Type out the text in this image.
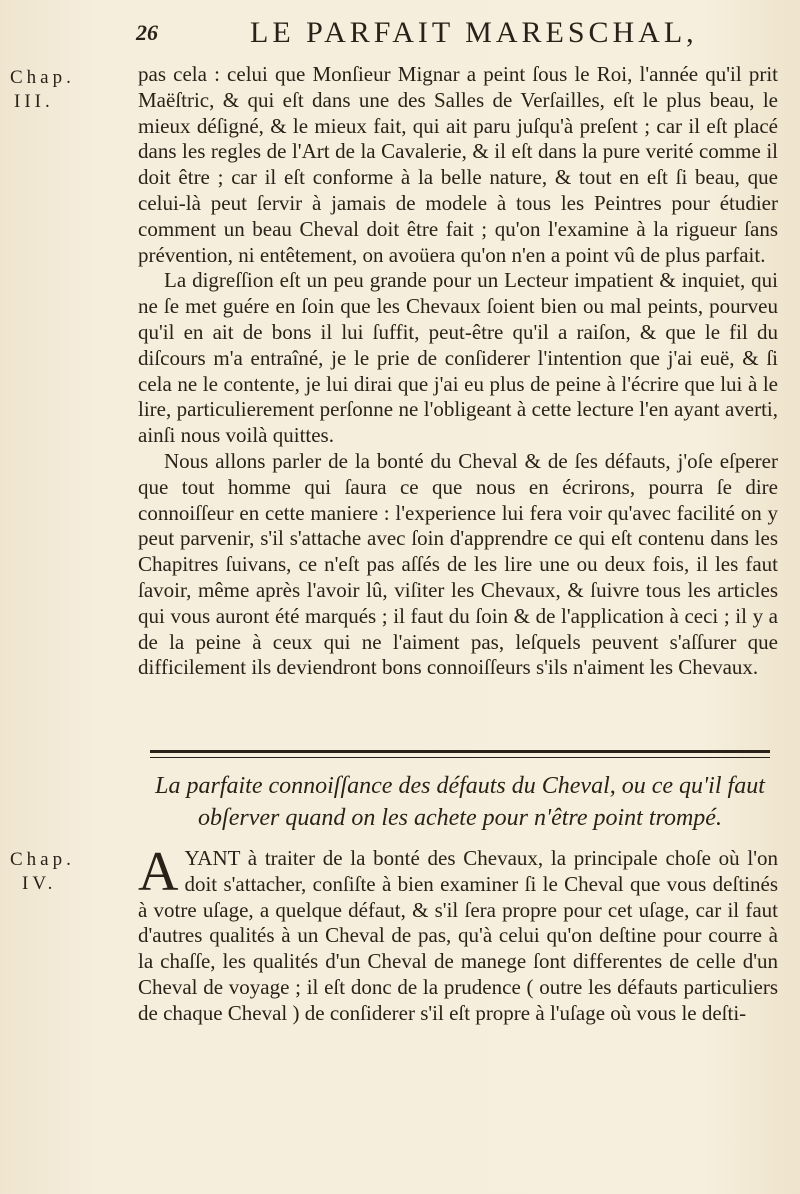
26	LE PARFAIT MARESCHAL,
Chap.
III.

pas cela : celui que Monſieur Mignar a peint ſous le Roi, l'année qu'il prit Maëſtric, & qui eſt dans une des Salles de Verſailles, eſt le plus beau, le mieux déſigné, & le mieux fait, qui ait paru juſqu'à preſent ; car il eſt placé dans les regles de l'Art de la Cavalerie, & il eſt dans la pure verité comme il doit être ; car il eſt conforme à la belle nature, & tout en eſt ſi beau, que celui-là peut ſervir à jamais de modele à tous les Peintres pour étudier comment un beau Cheval doit être fait ; qu'on l'examine à la rigueur ſans prévention, ni entêtement, on avoüera qu'on n'en a point vû de plus parfait.

La digreſſion eſt un peu grande pour un Lecteur impatient & inquiet, qui ne ſe met guére en ſoin que les Chevaux ſoient bien ou mal peints, pourveu qu'il en ait de bons il lui ſuffit, peut-être qu'il a raiſon, & que le fil du diſcours m'a entraîné, je le prie de conſiderer l'intention que j'ai euë, & ſi cela ne le contente, je lui dirai que j'ai eu plus de peine à l'écrire que lui à le lire, particulierement perſonne ne l'obligeant à cette lecture l'en ayant averti, ainſi nous voilà quittes.

Nous allons parler de la bonté du Cheval & de ſes défauts, j'oſe eſperer que tout homme qui ſaura ce que nous en écrirons, pourra ſe dire connoiſſeur en cette maniere : l'experience lui fera voir qu'avec facilité on y peut parvenir, s'il s'attache avec ſoin d'apprendre ce qui eſt contenu dans les Chapitres ſuivans, ce n'eſt pas aſſés de les lire une ou deux fois, il les faut ſavoir, même après l'avoir lû, viſiter les Chevaux, & ſuivre tous les articles qui vous auront été marqués ; il faut du ſoin & de l'application à ceci ; il y a de la peine à ceux qui ne l'aiment pas, leſquels peuvent s'aſſurer que difficilement ils deviendront bons connoiſſeurs s'ils n'aiment les Chevaux.

La parfaite connoiſſance des défauts du Cheval, ou ce qu'il faut obſerver quand on les achete pour n'être point trompé.
Chap.
IV.	AYANT à traiter de la bonté des Chevaux, la principale choſe où l'on doit s'attacher, conſiſte à bien examiner ſi le Cheval que vous deſtinés à votre uſage, a quelque défaut, & s'il ſera propre pour cet uſage, car il faut d'autres qualités à un Cheval de pas, qu'à celui qu'on deſtine pour courre à la chaſſe, les qualités d'un Cheval de manege ſont differentes de celle d'un Cheval de voyage ; il eſt donc de la prudence ( outre les défauts particuliers de chaque Cheval ) de conſiderer s'il eſt propre à l'uſage où vous le deſti-
